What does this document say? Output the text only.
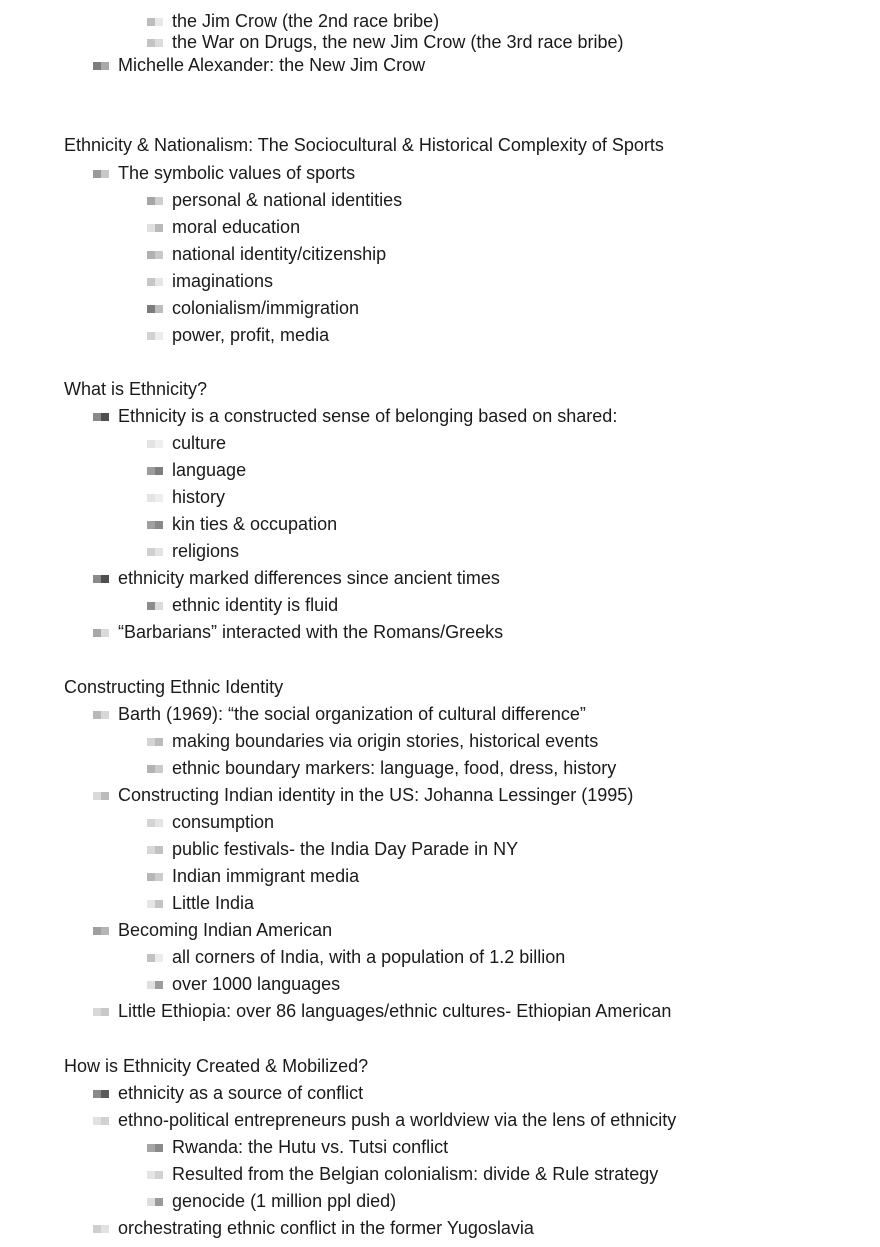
the Jim Crow (the 2nd race bribe)
the War on Drugs, the new Jim Crow (the 3rd race bribe)
Michelle Alexander: the New Jim Crow
Ethnicity & Nationalism: The Sociocultural & Historical Complexity of Sports
The symbolic values of sports
personal & national identities
moral education
national identity/citizenship
imaginations
colonialism/immigration
power, profit, media
What is Ethnicity?
Ethnicity is a constructed sense of belonging based on shared:
culture
language
history
kin ties & occupation
religions
ethnicity marked differences since ancient times
ethnic identity is fluid
“Barbarians” interacted with the Romans/Greeks
Constructing Ethnic Identity
Barth (1969): “the social organization of cultural difference”
making boundaries via origin stories, historical events
ethnic boundary markers: language, food, dress, history
Constructing Indian identity in the US: Johanna Lessinger (1995)
consumption
public festivals- the India Day Parade in NY
Indian immigrant media
Little India
Becoming Indian American
all corners of India, with a population of 1.2 billion
over 1000 languages
Little Ethiopia: over 86 languages/ethnic cultures- Ethiopian American
How is Ethnicity Created & Mobilized?
ethnicity as a source of conflict
ethno-political entrepreneurs push a worldview via the lens of ethnicity
Rwanda: the Hutu vs. Tutsi conflict
Resulted from the Belgian colonialism: divide & Rule strategy
genocide (1 million ppl died)
orchestrating ethnic conflict in the former Yugoslavia
